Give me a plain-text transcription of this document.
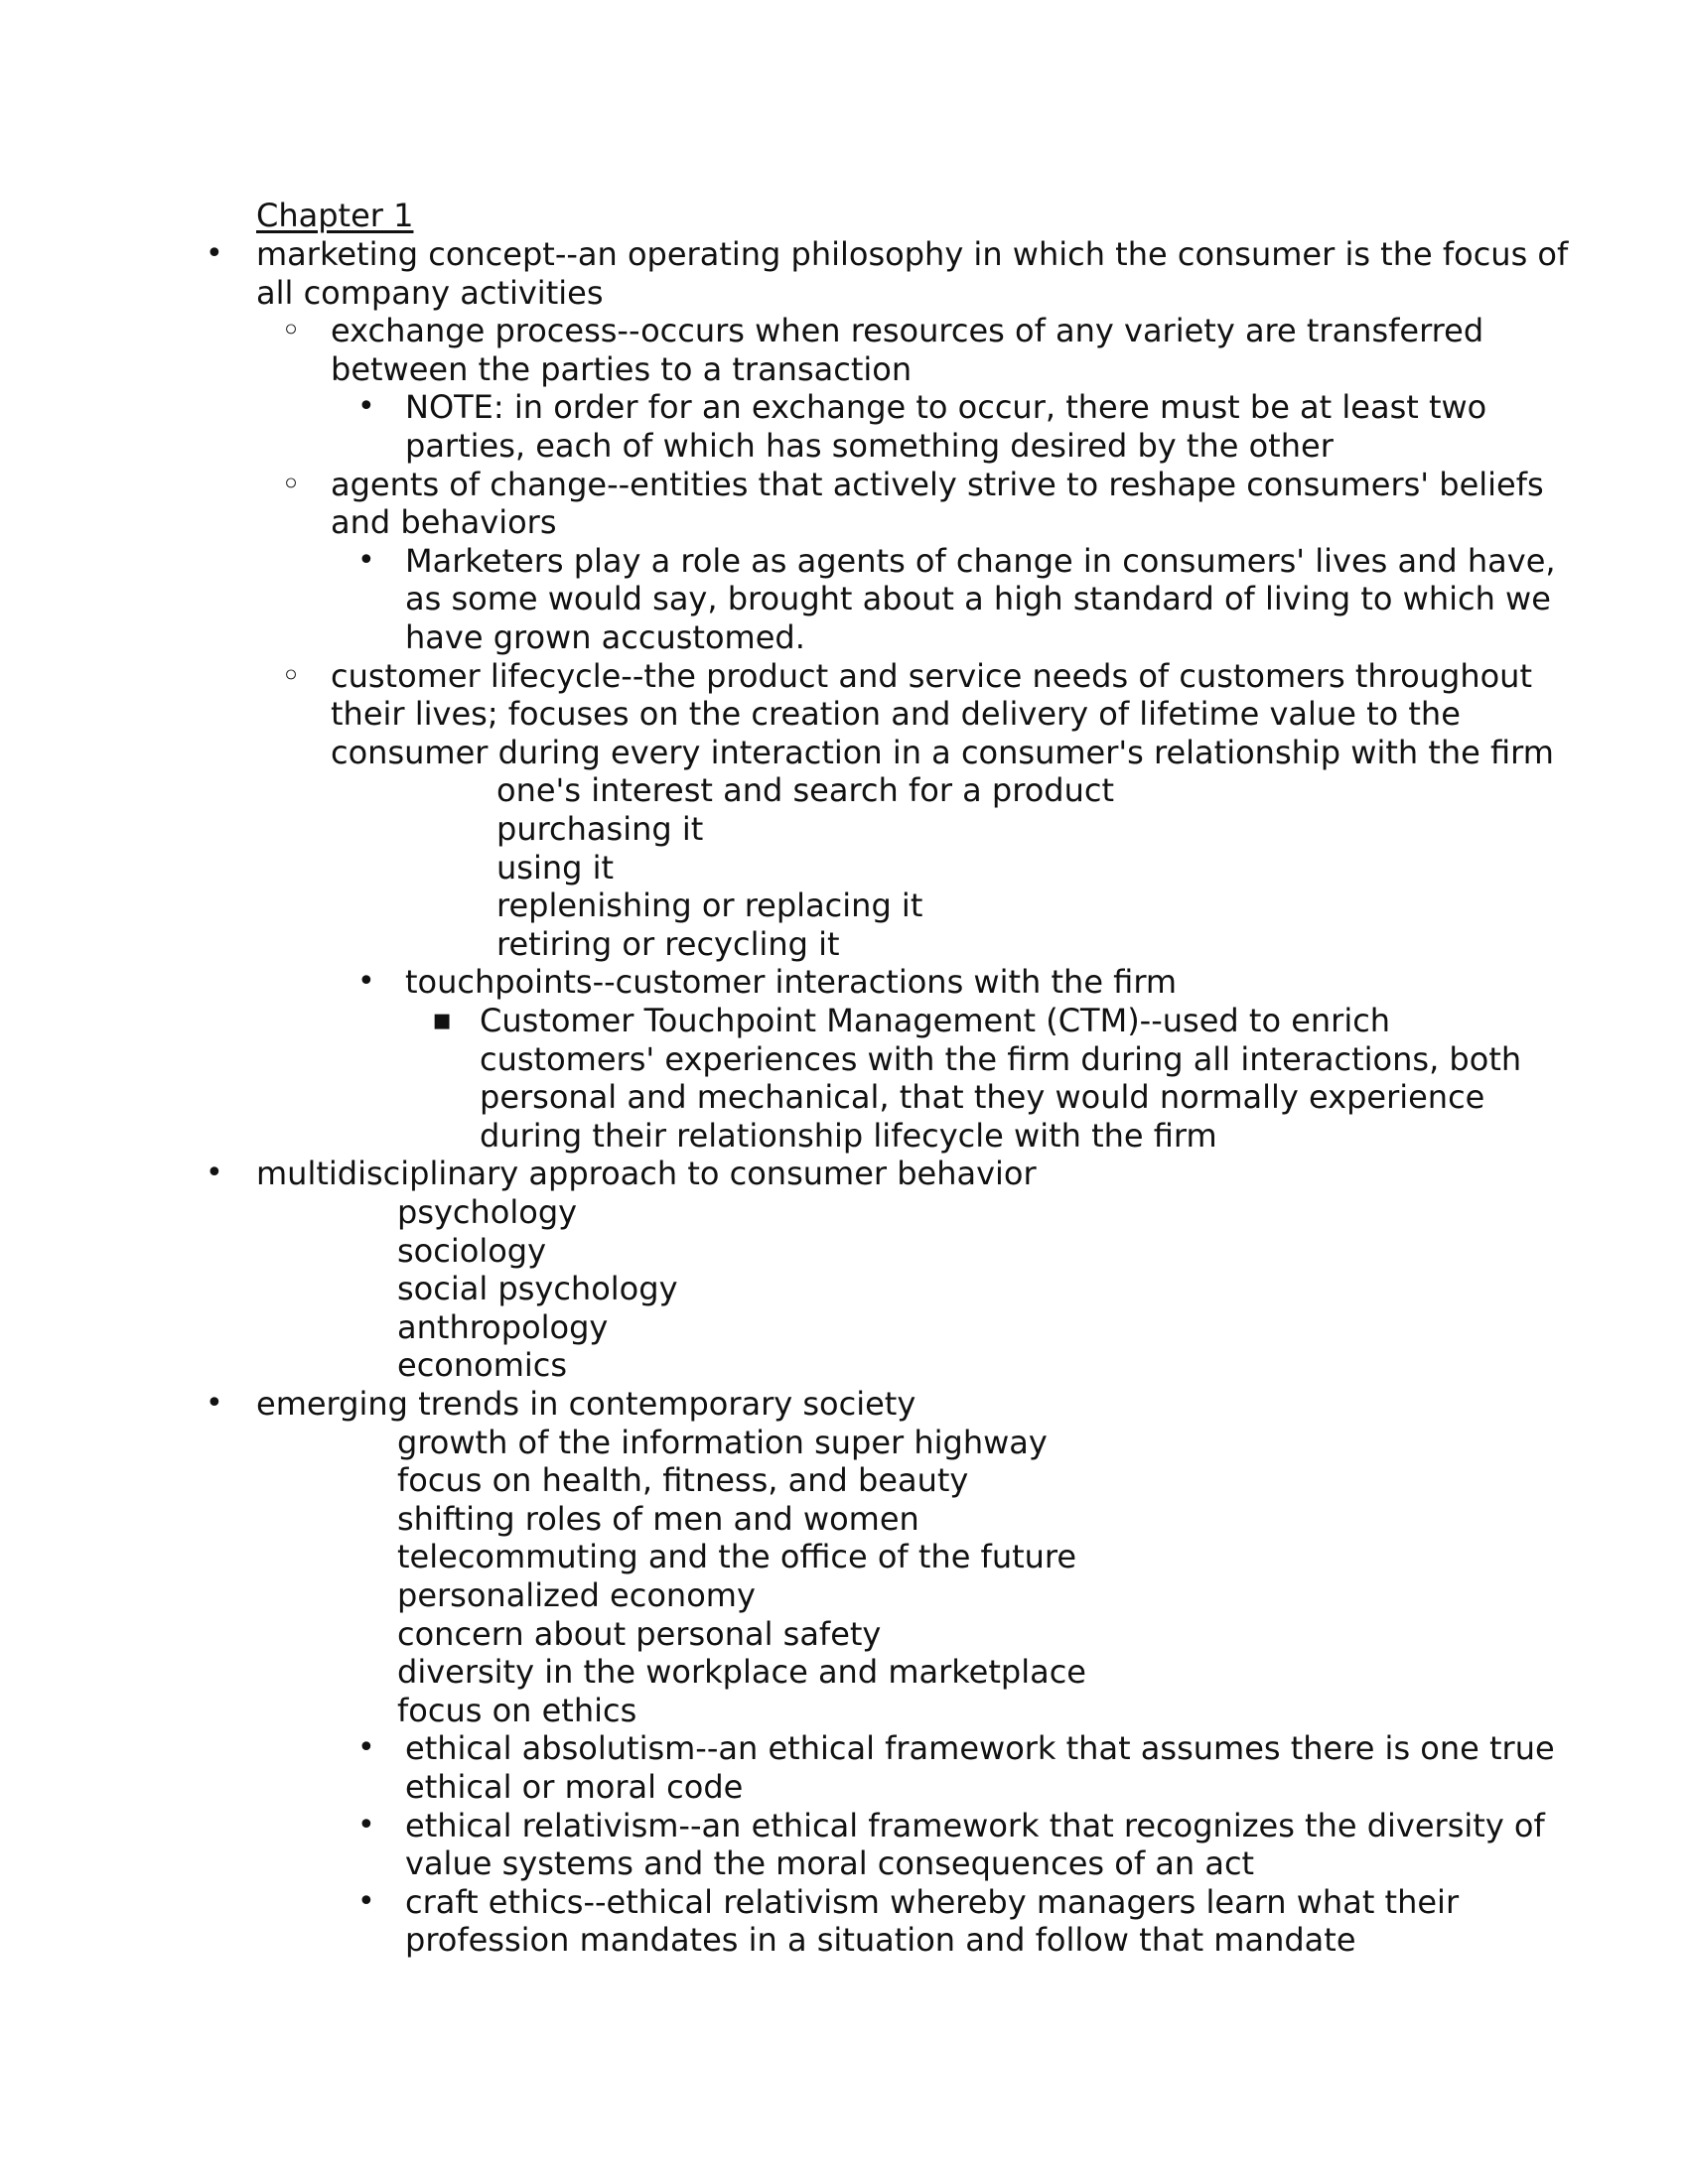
Chapter 1
•
marketing concept--an operating philosophy in which the consumer is the focus of
all company activities
◦
exchange process--occurs when resources of any variety are transferred
between the parties to a transaction
•
NOTE: in order for an exchange to occur, there must be at least two
parties, each of which has something desired by the other
◦
agents of change--entities that actively strive to reshape consumers' beliefs
and behaviors
•
Marketers play a role as agents of change in consumers' lives and have,
as some would say, brought about a high standard of living to which we
have grown accustomed.
◦
customer lifecycle--the product and service needs of customers throughout
their lives; focuses on the creation and delivery of lifetime value to the
consumer during every interaction in a consumer's relationship with the firm
one's interest and search for a product
purchasing it
using it
replenishing or replacing it
retiring or recycling it
•
touchpoints--customer interactions with the firm
▪
Customer Touchpoint Management (CTM)--used to enrich
customers' experiences with the firm during all interactions, both
personal and mechanical, that they would normally experience
during their relationship lifecycle with the firm
•
multidisciplinary approach to consumer behavior
psychology
sociology
social psychology
anthropology
economics
•
emerging trends in contemporary society
growth of the information super highway
focus on health, fitness, and beauty
shifting roles of men and women
telecommuting and the office of the future
personalized economy
concern about personal safety
diversity in the workplace and marketplace
focus on ethics
•
ethical absolutism--an ethical framework that assumes there is one true
ethical or moral code
•
ethical relativism--an ethical framework that recognizes the diversity of
value systems and the moral consequences of an act
•
craft ethics--ethical relativism whereby managers learn what their
profession mandates in a situation and follow that mandate
